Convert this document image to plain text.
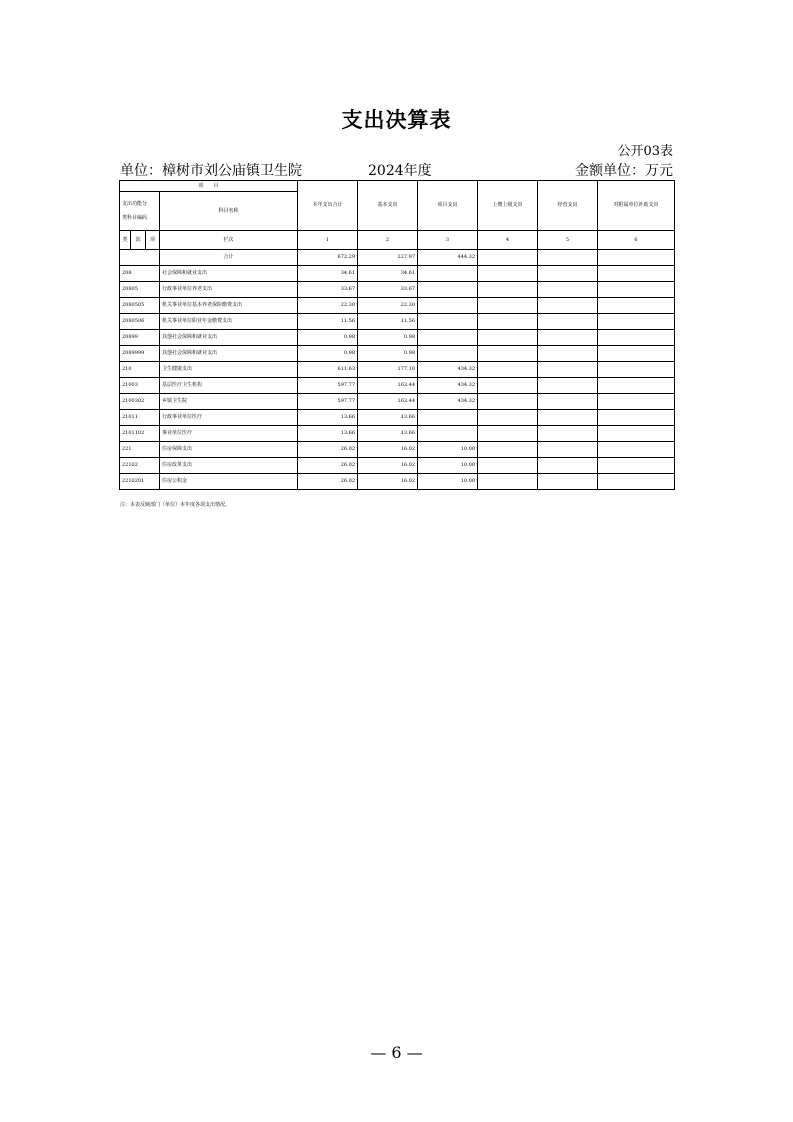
支出决算表
公开03表
单位：樟树市刘公庙镇卫生院	2024年度	金额单位：万元
项　　目				本年支出合计	基本支出	项目支出	上缴上级支出	经营支出	对附属单位补助支出

支出功能分
类科目编码			科目名称						

类	款	项	栏次	1	2	3	4	5	6
			合计	672.29	227.97	444.32			
208			社会保障和就业支出	34.61	34.61				
20805			行政事业单位养老支出	33.67	33.67				
2080505			机关事业单位基本养老保险缴费支出	22.30	22.30				
2080506			机关事业单位职业年金缴费支出	11.56	11.56				
20899			其他社会保障和就业支出	0.98	0.98				
2089999			其他社会保障和就业支出	0.98	0.98				
210			卫生健康支出	611.63	177.10	434.32			
21003			基层医疗卫生机构	597.77	163.44	434.32			
2100302			乡镇卫生院	597.77	163.44	434.32			
21011			行政事业单位医疗	13.66	13.66				
2101102			事业单位医疗	13.66	13.66				
221			住房保障支出	26.02	16.02	10.00			
22102			住房改革支出	26.02	16.02	10.00			
2210201			住房公积金	26.02	16.02	10.00			
注：本表反映部门（单位）本年度各项支出情况。
— 6 —
